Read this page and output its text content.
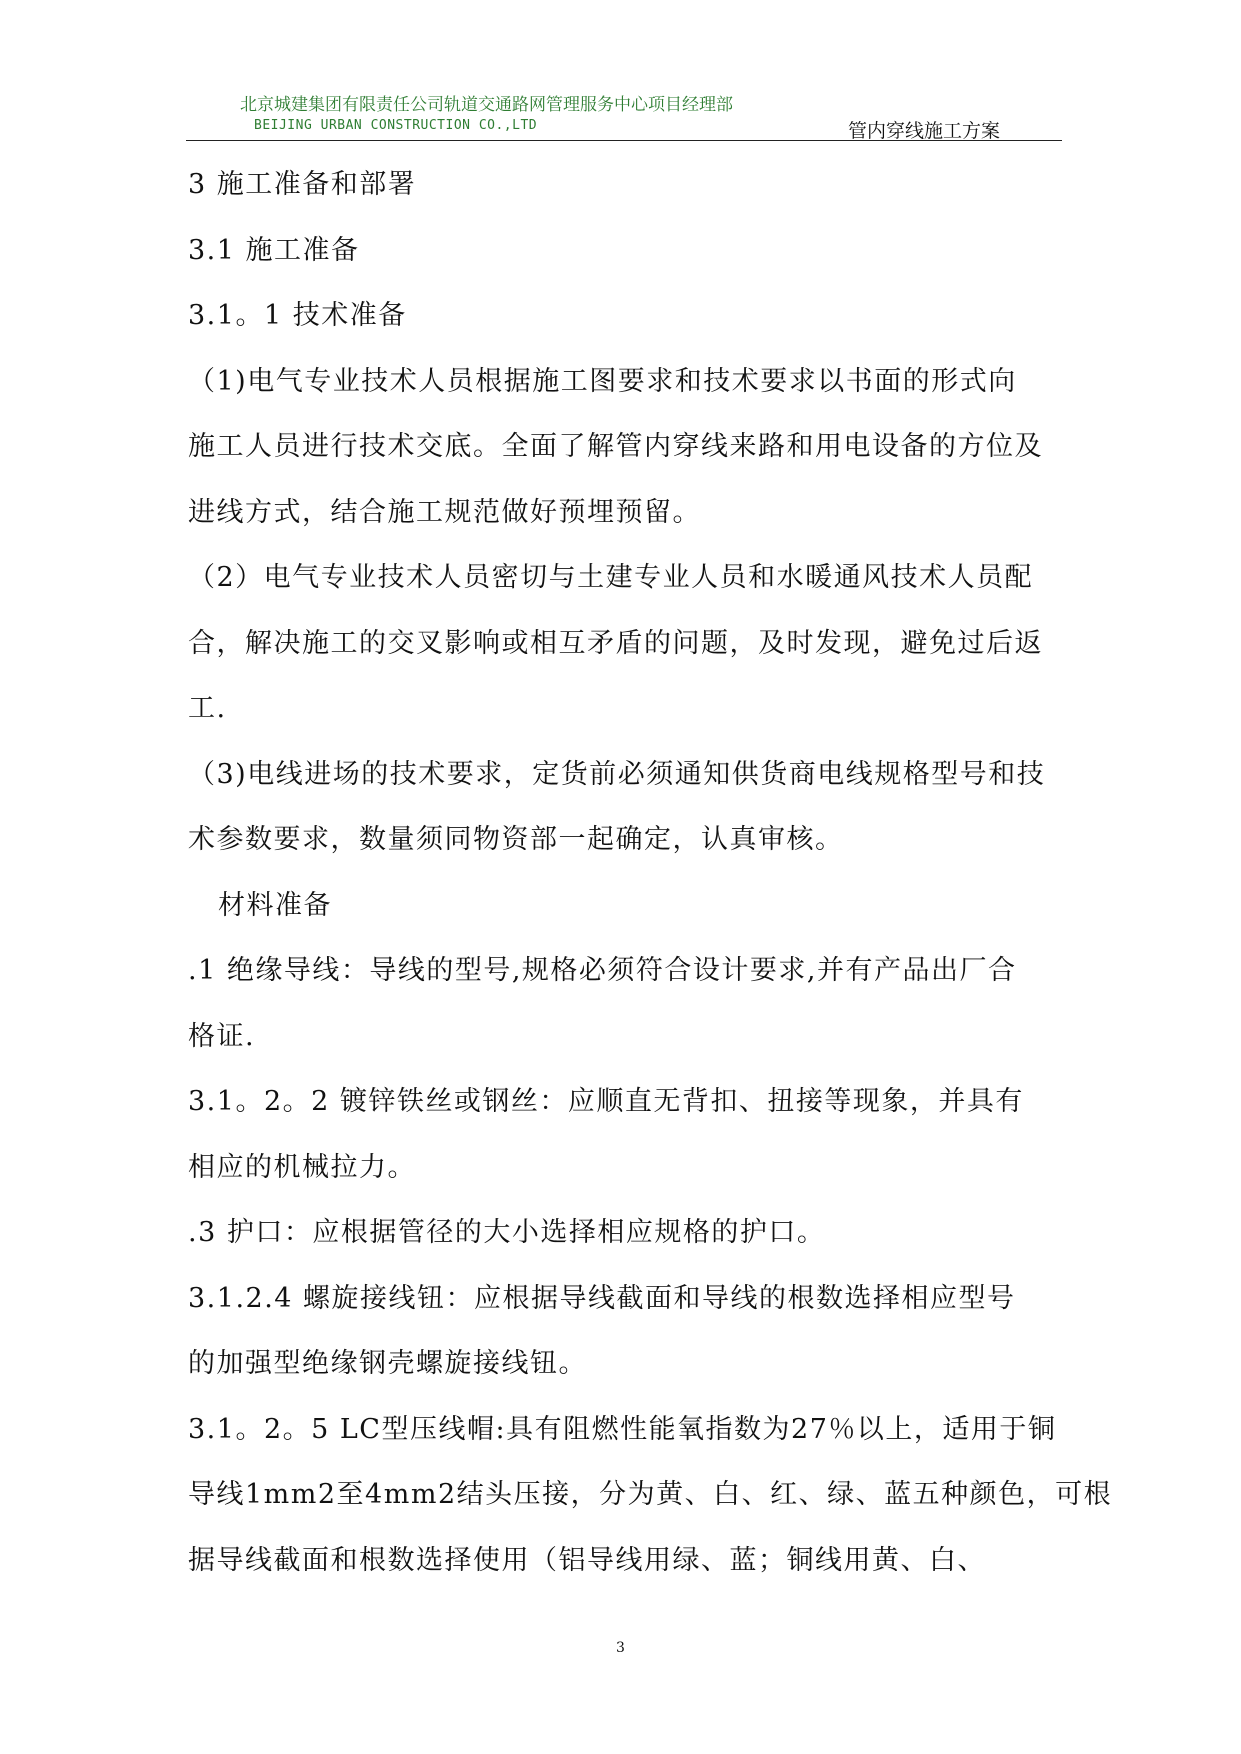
北京城建集团有限责任公司轨道交通路网管理服务中心项目经理部
BEIJING URBAN CONSTRUCTION CO.,LTD	管内穿线施工方案
3 施工准备和部署
3.1 施工准备
3.1。1 技术准备
（1)电气专业技术人员根据施工图要求和技术要求以书面的形式向
施工人员进行技术交底。全面了解管内穿线来路和用电设备的方位及
进线方式，结合施工规范做好预埋预留。
（2）电气专业技术人员密切与土建专业人员和水暖通风技术人员配
合，解决施工的交叉影响或相互矛盾的问题，及时发现，避免过后返
工.
（3)电线进场的技术要求，定货前必须通知供货商电线规格型号和技
术参数要求，数量须同物资部一起确定，认真审核。
材料准备
.1 绝缘导线：导线的型号,规格必须符合设计要求,并有产品出厂合
格证.
3.1。2。2 镀锌铁丝或钢丝：应顺直无背扣、扭接等现象，并具有
相应的机械拉力。
.3 护口：应根据管径的大小选择相应规格的护口。
3.1.2.4 螺旋接线钮：应根据导线截面和导线的根数选择相应型号
的加强型绝缘钢壳螺旋接线钮。
3.1。2。5 LC型压线帽:具有阻燃性能氧指数为27％以上，适用于铜
导线1mm2至4mm2结头压接，分为黄、白、红、绿、蓝五种颜色，可根
据导线截面和根数选择使用（铝导线用绿、蓝；铜线用黄、白、
3
